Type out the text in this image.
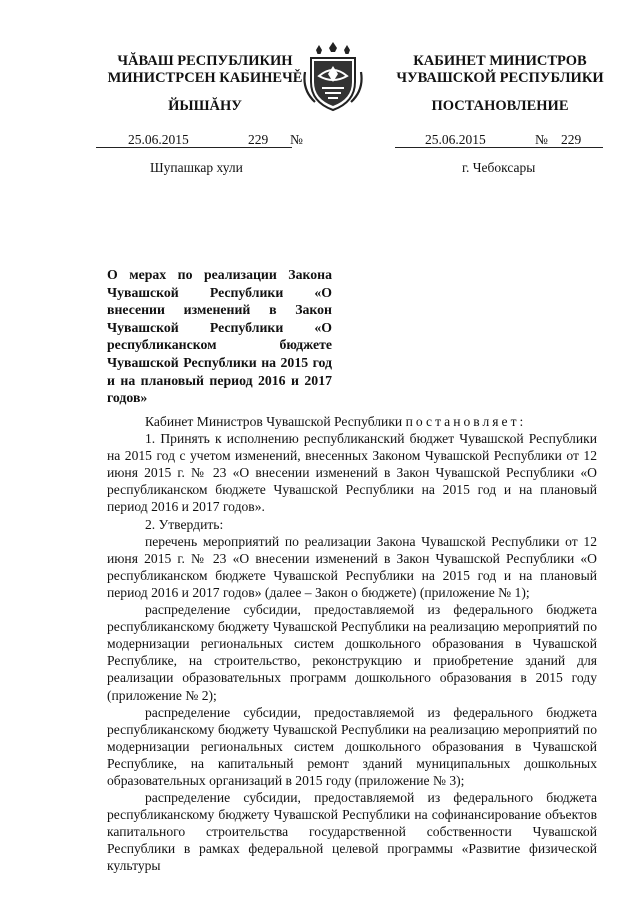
ЧĂВАШ РЕСПУБЛИКИН
МИНИСТРСЕН КАБИНЕЧĚ
ЙЫШĂНУ
КАБИНЕТ МИНИСТРОВ
ЧУВАШСКОЙ РЕСПУБЛИКИ
ПОСТАНОВЛЕНИЕ
25.06.2015	229 №	25.06.2015	№ 229
Шупашкар хули	г. Чебоксары
О мерах по реализации Закона Чувашской Республики «О внесении изменений в Закон Чувашской Республики «О республиканском бюджете Чувашской Республики на 2015 год и на плановый период 2016 и 2017 годов»

Кабинет Министров Чувашской Республики постановляет:

1. Принять к исполнению республиканский бюджет Чувашской Республики на 2015 год с учетом изменений, внесенных Законом Чувашской Республики от 12 июня 2015 г. № 23 «О внесении изменений в Закон Чувашской Республики «О республиканском бюджете Чувашской Республики на 2015 год и на плановый период 2016 и 2017 годов».

2. Утвердить:

перечень мероприятий по реализации Закона Чувашской Республики от 12 июня 2015 г. № 23 «О внесении изменений в Закон Чувашской Республики «О республиканском бюджете Чувашской Республики на 2015 год и на плановый период 2016 и 2017 годов» (далее – Закон о бюджете) (приложение № 1);

распределение субсидии, предоставляемой из федерального бюджета республиканскому бюджету Чувашской Республики на реализацию мероприятий по модернизации региональных систем дошкольного образования в Чувашской Республике, на строительство, реконструкцию и приобретение зданий для реализации образовательных программ дошкольного образования в 2015 году (приложение № 2);

распределение субсидии, предоставляемой из федерального бюджета республиканскому бюджету Чувашской Республики на реализацию мероприятий по модернизации региональных систем дошкольного образования в Чувашской Республике, на капитальный ремонт зданий муниципальных дошкольных образовательных организаций в 2015 году (приложение № 3);

распределение субсидии, предоставляемой из федерального бюджета республиканскому бюджету Чувашской Республики на софинансирование объектов капитального строительства государственной собственности Чувашской Республики в рамках федеральной целевой программы «Развитие физической культуры
